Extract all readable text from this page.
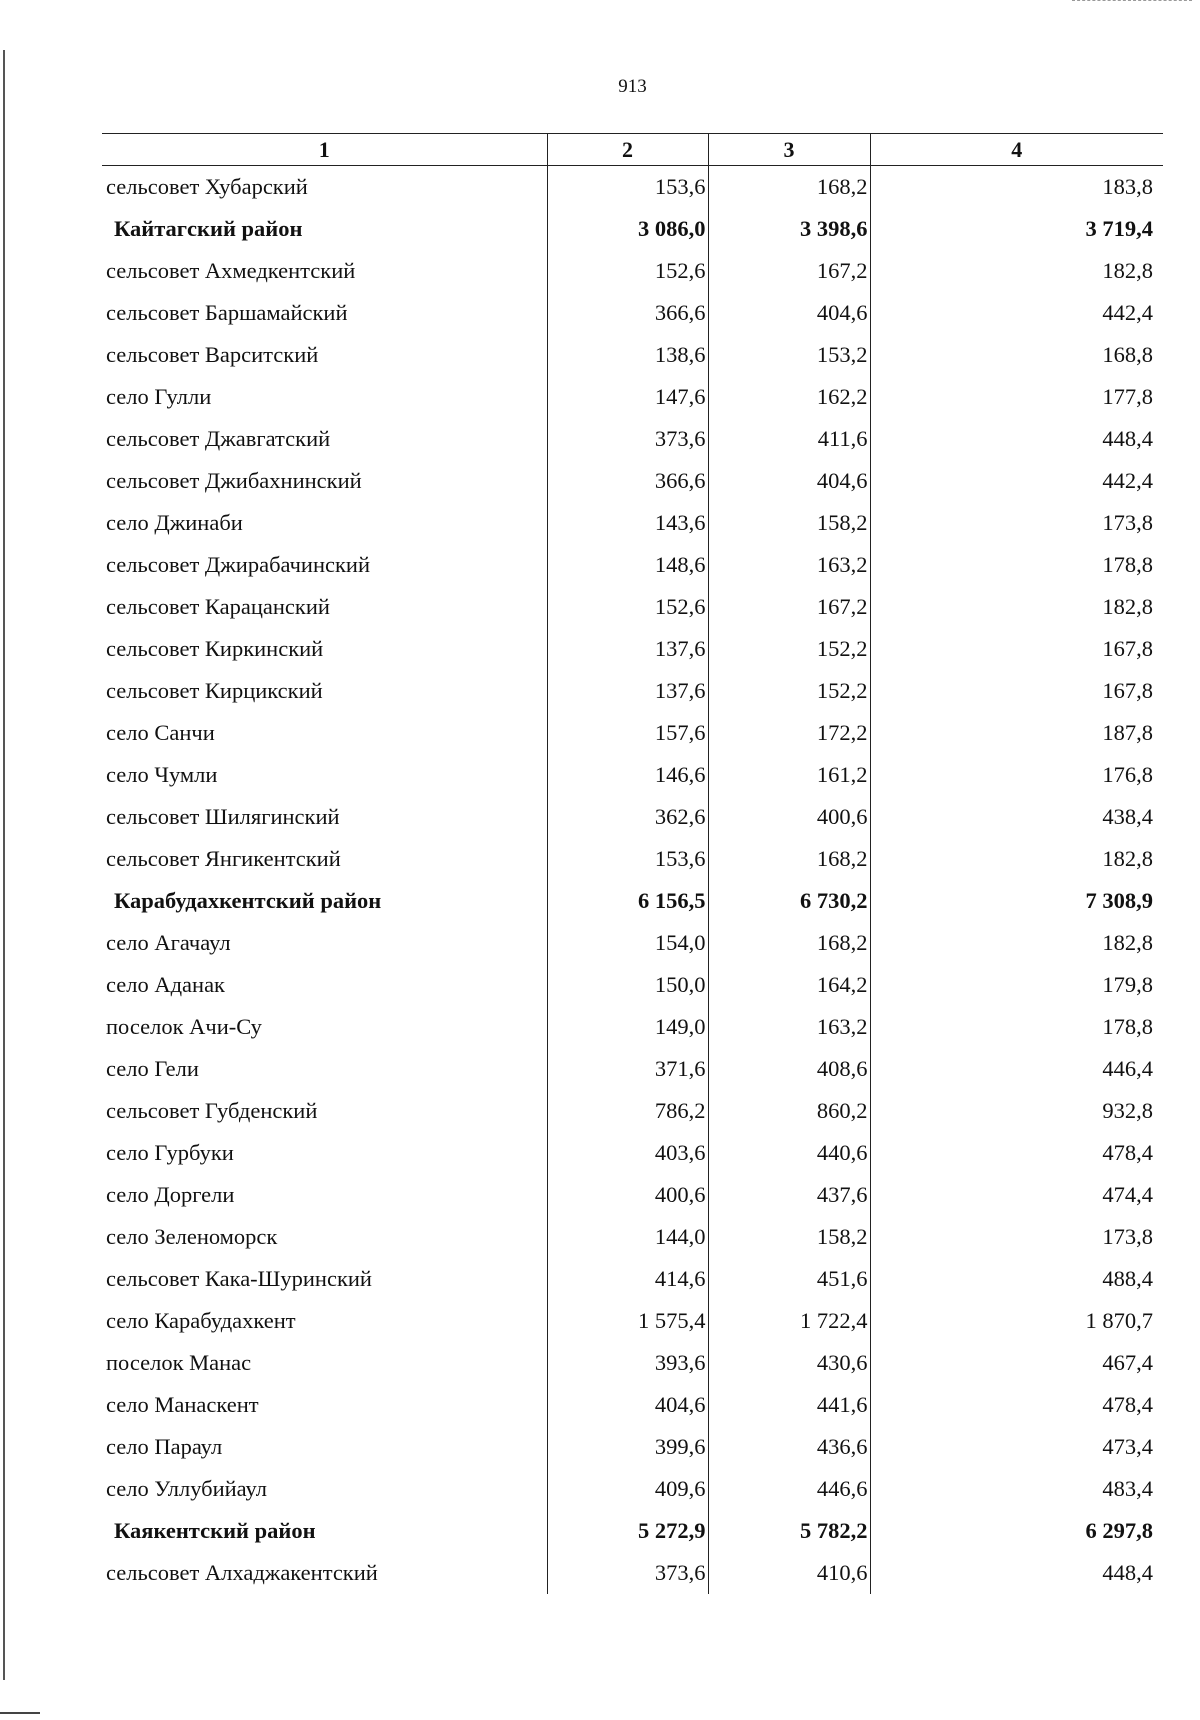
913
1	2	3	4
сельсовет Хубарский	153,6	168,2	183,8
Кайтагский район	3 086,0	3 398,6	3 719,4
сельсовет Ахмедкентский	152,6	167,2	182,8
сельсовет Баршамайский	366,6	404,6	442,4
сельсовет Варситский	138,6	153,2	168,8
село Гулли	147,6	162,2	177,8
сельсовет Джавгатский	373,6	411,6	448,4
сельсовет Джибахнинский	366,6	404,6	442,4
село Джинаби	143,6	158,2	173,8
сельсовет Джирабачинский	148,6	163,2	178,8
сельсовет Карацанский	152,6	167,2	182,8
сельсовет Киркинский	137,6	152,2	167,8
сельсовет Кирцикский	137,6	152,2	167,8
село Санчи	157,6	172,2	187,8
село Чумли	146,6	161,2	176,8
сельсовет Шилягинский	362,6	400,6	438,4
сельсовет Янгикентский	153,6	168,2	182,8
Карабудахкентский район	6 156,5	6 730,2	7 308,9
село Агачаул	154,0	168,2	182,8
село Аданак	150,0	164,2	179,8
поселок Ачи-Су	149,0	163,2	178,8
село Гели	371,6	408,6	446,4
сельсовет Губденский	786,2	860,2	932,8
село Гурбуки	403,6	440,6	478,4
село Доргели	400,6	437,6	474,4
село Зеленоморск	144,0	158,2	173,8
сельсовет Кака-Шуринский	414,6	451,6	488,4
село Карабудахкент	1 575,4	1 722,4	1 870,7
поселок Манас	393,6	430,6	467,4
село Манаскент	404,6	441,6	478,4
село Параул	399,6	436,6	473,4
село Уллубийаул	409,6	446,6	483,4
Каякентский район	5 272,9	5 782,2	6 297,8
сельсовет Алхаджакентский	373,6	410,6	448,4
